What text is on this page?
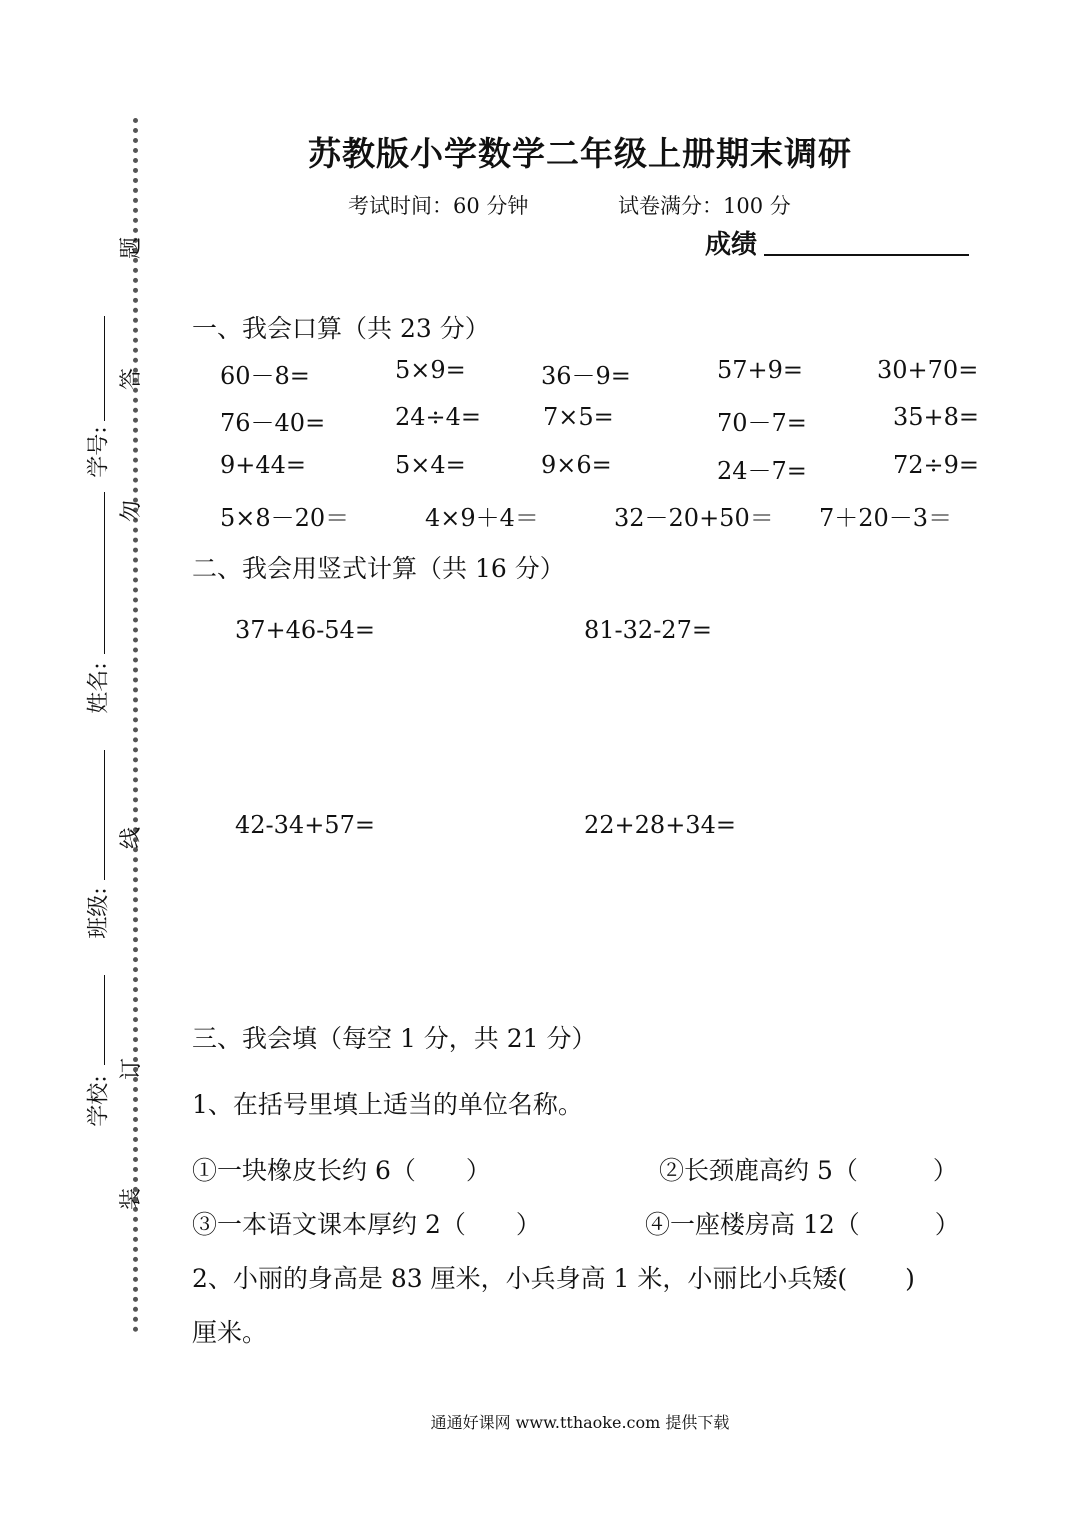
学号:
姓名:
班级:
学校:
题
答
勿
线
订
装
苏教版小学数学二年级上册期末调研
考试时间：60 分钟	试卷满分：100 分
成绩
一、我会口算（共 23 分）
60－8=	5×9=	36－9=	57+9=	30+70=
76－40=	24÷4=	7×5=	70－7=	35+8=
9+44=	5×4=	9×6=	24－7=	72÷9=
5×8－20＝	4×9＋4＝	32－20+50＝ 7＋20－3＝
二、我会用竖式计算（共 16 分）
37+46-54=	81-32-27=
42-34+57=	22+28+34=
三、我会填（每空 1 分，共 21 分）
1、在括号里填上适当的单位名称。
①一块橡皮长约 6（　　）	②长颈鹿高约 5（　　　）
③一本语文课本厚约 2（　　）	④一座楼房高 12（　　　）
2、小丽的身高是 83 厘米，小兵身高 1 米，小丽比小兵矮(　　 )
厘米。
通通好课网 www.tthaoke.com 提供下载
